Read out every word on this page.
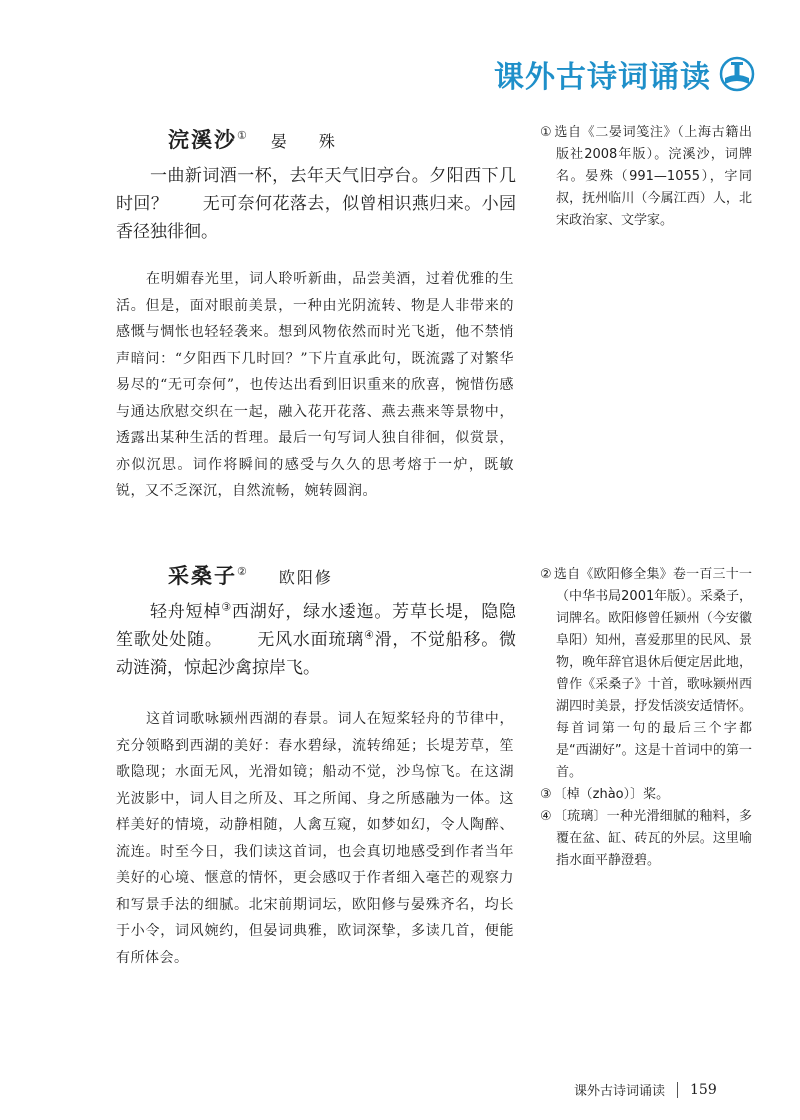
课外古诗词诵读
浣溪沙① 晏　殊
一曲新词酒一杯，去年天气旧亭台。夕阳西下几时回？ 无可奈何花落去，似曾相识燕归来。小园香径独徘徊。
在明媚春光里，词人聆听新曲，品尝美酒，过着优雅的生活。但是，面对眼前美景，一种由光阴流转、物是人非带来的感慨与惆怅也轻轻袭来。想到风物依然而时光飞逝，他不禁悄声暗问：“夕阳西下几时回？”下片直承此句，既流露了对繁华易尽的“无可奈何”，也传达出看到旧识重来的欣喜，惋惜伤感与通达欣慰交织在一起，融入花开花落、燕去燕来等景物中，透露出某种生活的哲理。最后一句写词人独自徘徊，似赏景，亦似沉思。词作将瞬间的感受与久久的思考熔于一炉，既敏锐，又不乏深沉，自然流畅，婉转圆润。
采桑子② 欧阳修
轻舟短棹③西湖好，绿水逶迤。芳草长堤，隐隐笙歌处处随。 无风水面琉璃④滑，不觉船移。微动涟漪，惊起沙禽掠岸飞。
这首词歌咏颍州西湖的春景。词人在短桨轻舟的节律中，充分领略到西湖的美好：春水碧绿，流转绵延；长堤芳草，笙歌隐现；水面无风，光滑如镜；船动不觉，沙鸟惊飞。在这湖光波影中，词人目之所及、耳之所闻、身之所感融为一体。这样美好的情境，动静相随，人禽互窥，如梦如幻，令人陶醉、流连。时至今日，我们读这首词，也会真切地感受到作者当年美好的心境、惬意的情怀，更会感叹于作者细入毫芒的观察力和写景手法的细腻。北宋前期词坛，欧阳修与晏殊齐名，均长于小令，词风婉约，但晏词典雅，欧词深挚，多读几首，便能有所体会。

① 选自《二晏词笺注》（上海古籍出版社2008年版）。浣溪沙，词牌名。晏殊（991—1055），字同叔，抚州临川（今属江西）人，北宋政治家、文学家。

② 选自《欧阳修全集》卷一百三十一（中华书局2001年版）。采桑子，词牌名。欧阳修曾任颍州（今安徽阜阳）知州，喜爱那里的民风、景物，晚年辞官退休后便定居此地，曾作《采桑子》十首，歌咏颍州西湖四时美景，抒发恬淡安适情怀。每首词第一句的最后三个字都是“西湖好”。这是十首词中的第一首。

③ 〔棹（zhào）〕桨。

④ 〔琉璃〕一种光滑细腻的釉料，多覆在盆、缸、砖瓦的外层。这里喻指水面平静澄碧。

课外古诗词诵读 159
